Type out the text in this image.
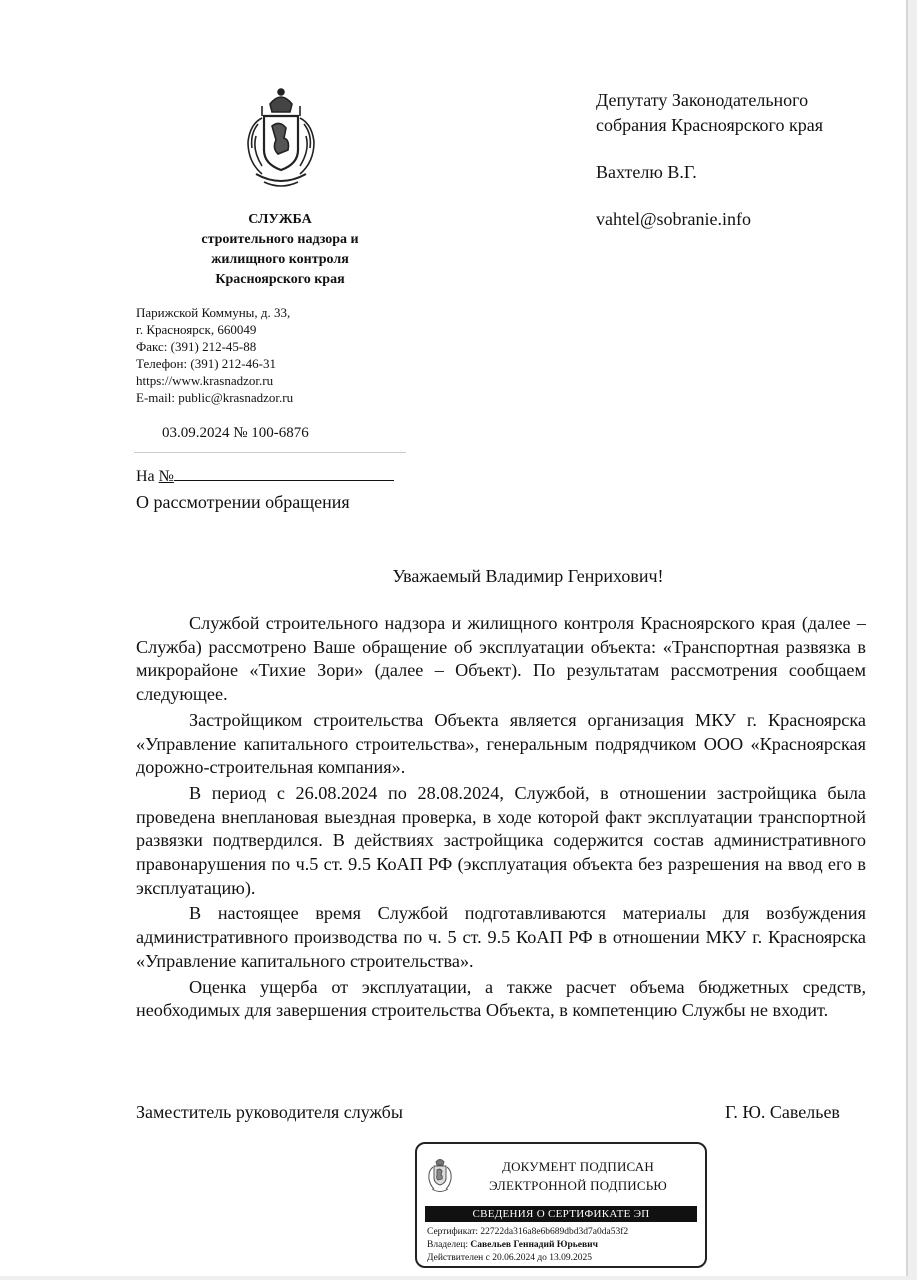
СЛУЖБА
строительного надзора и
жилищного контроля
Красноярского края
Парижской Коммуны, д. 33,
г. Красноярск, 660049
Факс: (391) 212-45-88
Телефон: (391) 212-46-31
https://www.krasnadzor.ru
E-mail: public@krasnadzor.ru
03.09.2024 № 100-6876
На №
О рассмотрении обращения
Депутату Законодательного
собрания Красноярского края
Вахтелю В.Г.
vahtel@sobranie.info
Уважаемый Владимир Генрихович!

Службой строительного надзора и жилищного контроля Красноярского края (далее – Служба) рассмотрено Ваше обращение об эксплуатации объекта: «Транспортная развязка в микрорайоне «Тихие Зори» (далее – Объект). По результатам рассмотрения сообщаем следующее.

Застройщиком строительства Объекта является организация МКУ г. Красноярска «Управление капитального строительства», генеральным подрядчиком ООО «Красноярская дорожно-строительная компания».

В период с 26.08.2024 по 28.08.2024, Службой, в отношении застройщика была проведена внеплановая выездная проверка, в ходе которой факт эксплуатации транспортной развязки подтвердился. В действиях застройщика содержится состав административного правонарушения по ч.5 ст. 9.5 КоАП РФ (эксплуатация объекта без разрешения на ввод его в эксплуатацию).

В настоящее время Службой подготавливаются материалы для возбуждения административного производства по ч. 5 ст. 9.5 КоАП РФ в отношении МКУ г. Красноярска «Управление капитального строительства».

Оценка ущерба от эксплуатации, а также расчет объема бюджетных средств, необходимых для завершения строительства Объекта, в компетенцию Службы не входит.

Заместитель руководителя службы	Г. Ю. Савельев
ДОКУМЕНТ ПОДПИСАН
ЭЛЕКТРОННОЙ ПОДПИСЬЮ
СВЕДЕНИЯ О СЕРТИФИКАТЕ ЭП
Сертификат: 22722da316a8e6b689dbd3d7a0da53f2
Владелец: Савельев Геннадий Юрьевич
Действителен с 20.06.2024 до 13.09.2025
